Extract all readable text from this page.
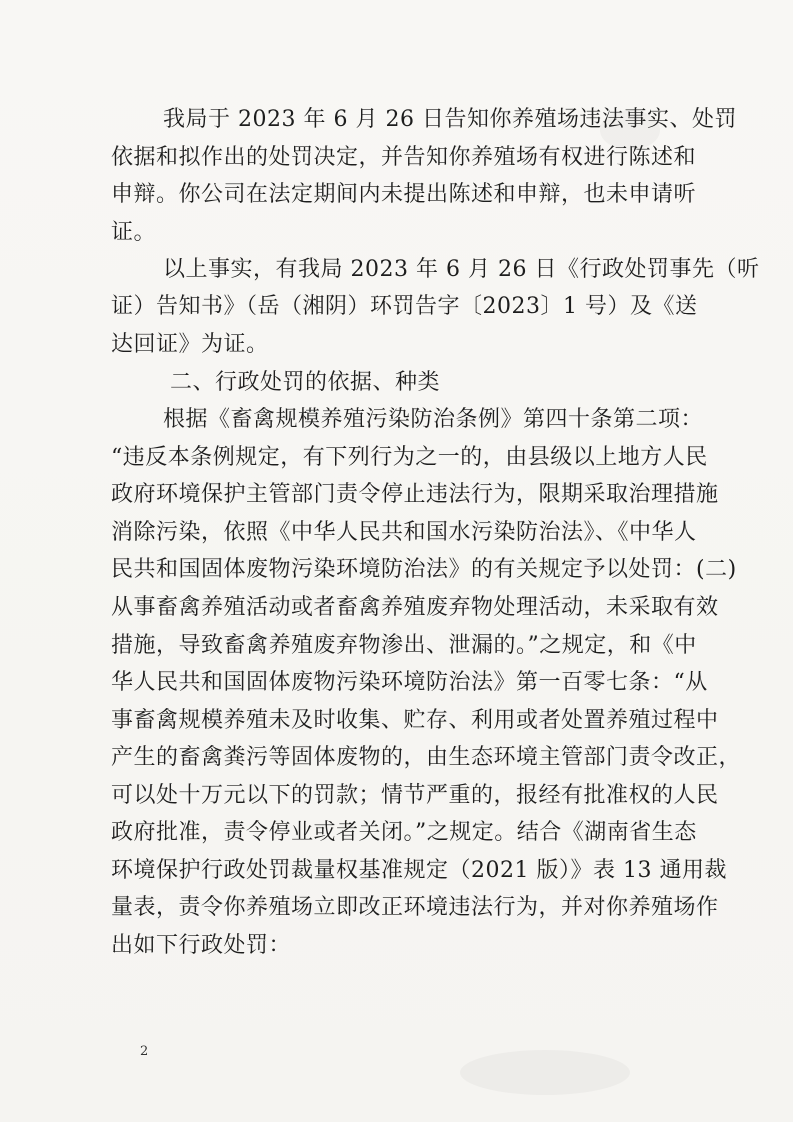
我局于 2023 年 6 月 26 日告知你养殖场违法事实、处罚
依据和拟作出的处罚决定，并告知你养殖场有权进行陈述和
申辩。你公司在法定期间内未提出陈述和申辩，也未申请听
证。
以上事实，有我局 2023 年 6 月 26 日《行政处罚事先（听
证）告知书》（岳（湘阴）环罚告字〔2023〕1 号）及《送
达回证》为证。
二、行政处罚的依据、种类
根据《畜禽规模养殖污染防治条例》第四十条第二项：
“违反本条例规定，有下列行为之一的，由县级以上地方人民
政府环境保护主管部门责令停止违法行为，限期采取治理措施
消除污染，依照《中华人民共和国水污染防治法》、《中华人
民共和国固体废物污染环境防治法》的有关规定予以处罚：(二)
从事畜禽养殖活动或者畜禽养殖废弃物处理活动，未采取有效
措施，导致畜禽养殖废弃物渗出、泄漏的。”之规定，和《中
华人民共和国固体废物污染环境防治法》第一百零七条：“从
事畜禽规模养殖未及时收集、贮存、利用或者处置养殖过程中
产生的畜禽粪污等固体废物的，由生态环境主管部门责令改正，
可以处十万元以下的罚款；情节严重的，报经有批准权的人民
政府批准，责令停业或者关闭。”之规定。结合《湖南省生态
环境保护行政处罚裁量权基准规定（2021 版）》表 13 通用裁
量表，责令你养殖场立即改正环境违法行为，并对你养殖场作
出如下行政处罚：
2
